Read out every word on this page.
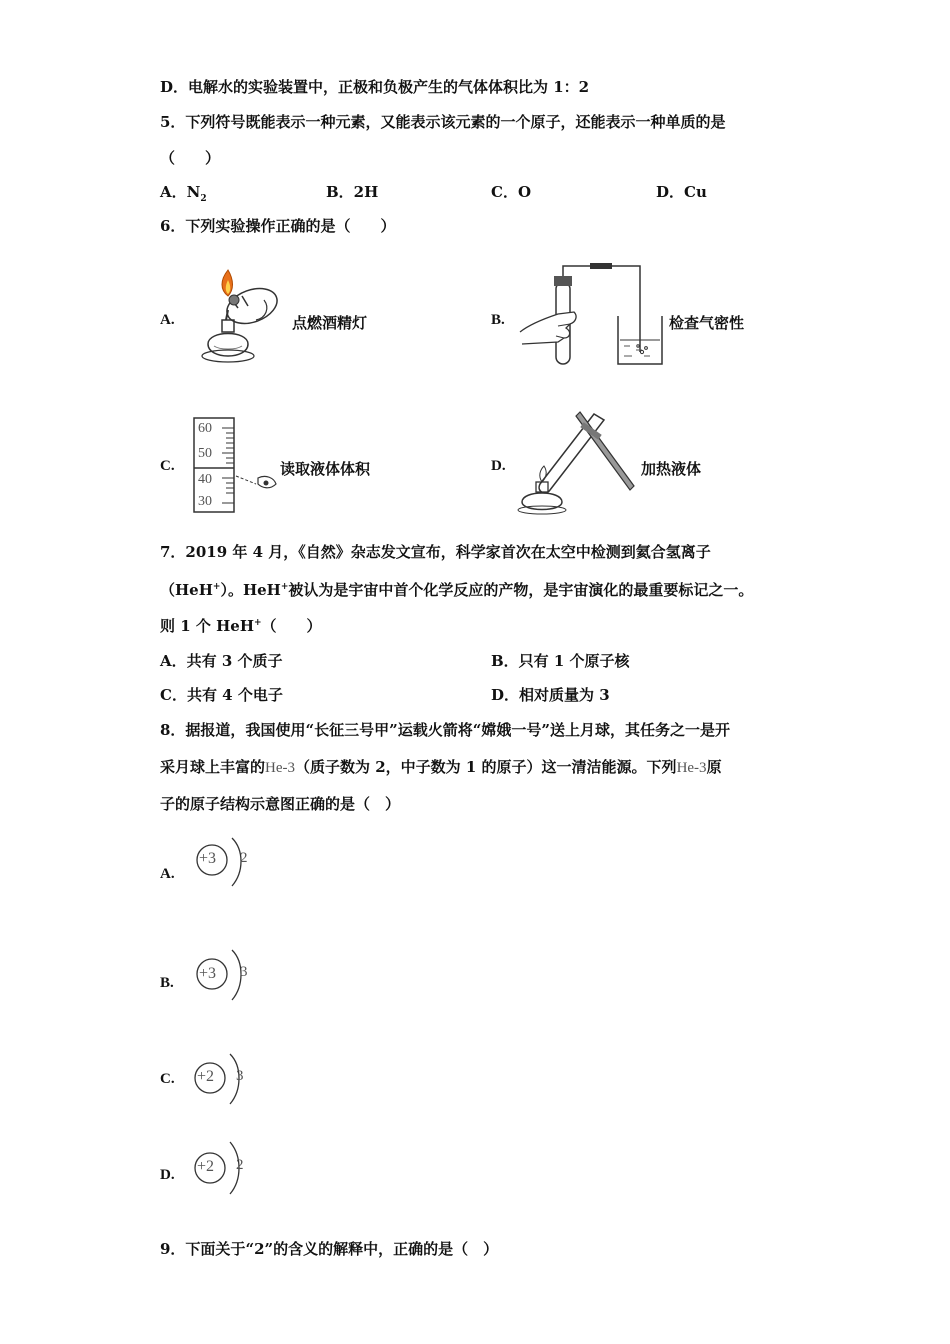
D．电解水的实验装置中，正极和负极产生的气体体积比为 1：2
5．下列符号既能表示一种元素，又能表示该元素的一个原子，还能表示一种单质的是
（　　）
A．$N_2$	B．2H	C．O	D．Cu
6．下列实验操作正确的是（　　）
A.	点燃酒精灯	B.	检查气密性
C.
60
50
40
30
读取液体体积	D.	加热液体
7．2019 年 4 月，《自然》杂志发文宣布，科学家首次在太空中检测到氦合氢离子
（HeH+）。HeH+被认为是宇宙中首个化学反应的产物，是宇宙演化的最重要标记之一。
则 1 个 HeH+（　　）
A．共有 3 个质子	B．只有 1 个原子核
C．共有 4 个电子	D．相对质量为 3
8．据报道，我国使用“长征三号甲”运载火箭将“嫦娥一号”送上月球，其任务之一是开
采月球上丰富的He-3（质子数为 2，中子数为 1 的原子）这一清洁能源。下列He-3原
子的原子结构示意图正确的是（　）
A.
+3 2
B.
+3 3
C. +2 3
D. +2 2
9．下面关于“2”的含义的解释中，正确的是（　）
